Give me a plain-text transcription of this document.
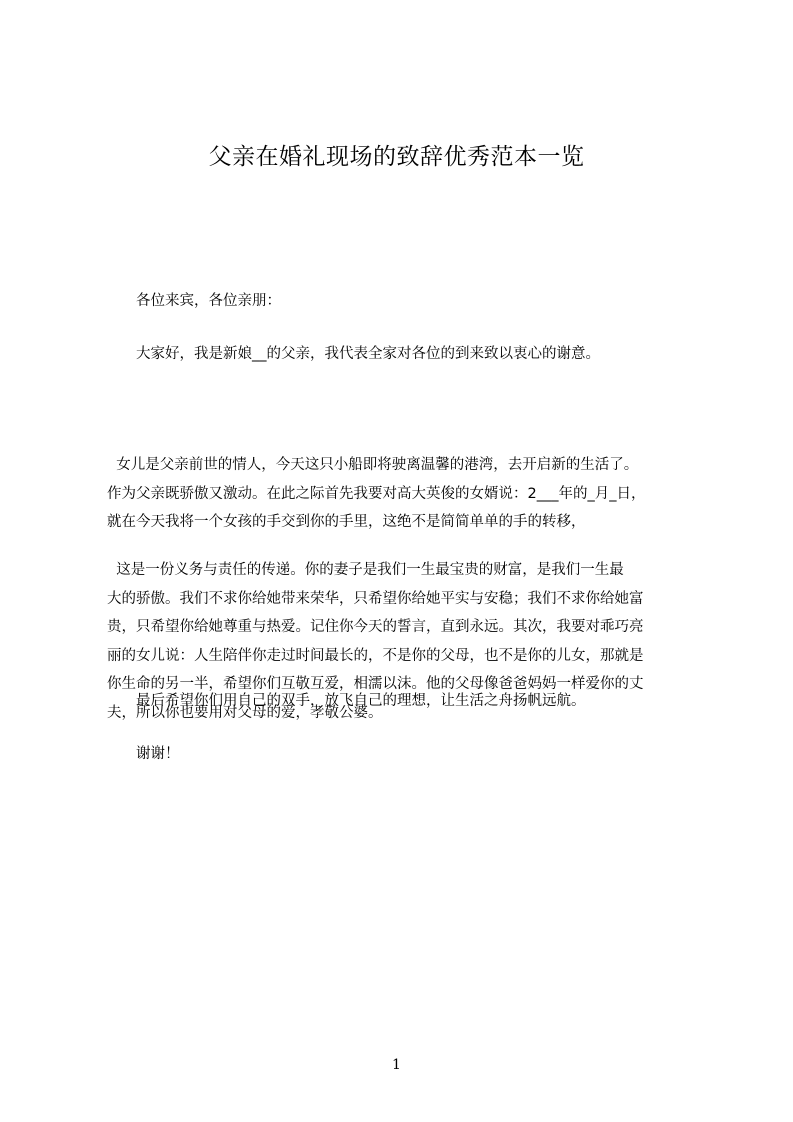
父亲在婚礼现场的致辞优秀范本一览

各位来宾，各位亲朋：

大家好，我是新娘__的父亲，我代表全家对各位的到来致以衷心的谢意。

女儿是父亲前世的情人，今天这只小船即将驶离温馨的港湾，去开启新的生活了。
作为父亲既骄傲又激动。在此之际首先我要对高大英俊的女婿说：2___年的_月_日，
就在今天我将一个女孩的手交到你的手里，这绝不是简简单单的手的转移，

这是一份义务与责任的传递。你的妻子是我们一生最宝贵的财富，是我们一生最
大的骄傲。我们不求你给她带来荣华，只希望你给她平实与安稳；我们不求你给她富
贵，只希望你给她尊重与热爱。记住你今天的誓言，直到永远。其次，我要对乖巧亮
丽的女儿说：人生陪伴你走过时间最长的，不是你的父母，也不是你的儿女，那就是
你生命的另一半，希望你们互敬互爱，相濡以沫。他的父母像爸爸妈妈一样爱你的丈
夫，所以你也要用对父母的爱，孝敬公婆。

最后希望你们用自己的双手，放飞自己的理想，让生活之舟扬帆远航。

谢谢！

1
